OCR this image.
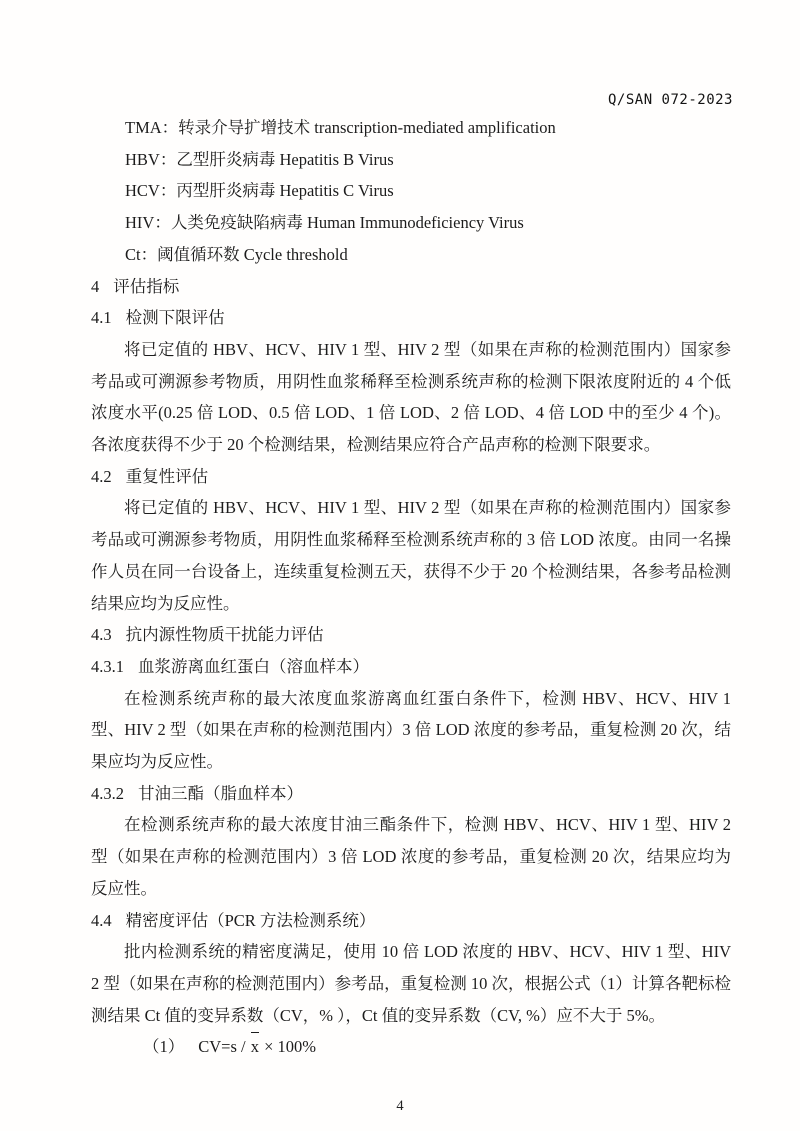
Q/SAN 072-2023

TMA：转录介导扩增技术 transcription-mediated amplification

HBV：乙型肝炎病毒 Hepatitis B Virus

HCV：丙型肝炎病毒 Hepatitis C Virus

HIV：人类免疫缺陷病毒 Human Immunodeficiency Virus

Ct：阈值循环数 Cycle threshold

4 评估指标

4.1 检测下限评估

将已定值的 HBV、HCV、HIV 1 型、HIV 2 型（如果在声称的检测范围内）国家参考品或可溯源参考物质，用阴性血浆稀释至检测系统声称的检测下限浓度附近的 4 个低浓度水平(0.25 倍 LOD、0.5 倍 LOD、1 倍 LOD、2 倍 LOD、4 倍 LOD 中的至少 4 个)。各浓度获得不少于 20 个检测结果，检测结果应符合产品声称的检测下限要求。

4.2 重复性评估

将已定值的 HBV、HCV、HIV 1 型、HIV 2 型（如果在声称的检测范围内）国家参考品或可溯源参考物质，用阴性血浆稀释至检测系统声称的 3 倍 LOD 浓度。由同一名操作人员在同一台设备上，连续重复检测五天，获得不少于 20 个检测结果，各参考品检测结果应均为反应性。

4.3 抗内源性物质干扰能力评估

4.3.1 血浆游离血红蛋白（溶血样本）

在检测系统声称的最大浓度血浆游离血红蛋白条件下，检测 HBV、HCV、HIV 1 型、HIV 2 型（如果在声称的检测范围内）3 倍 LOD 浓度的参考品，重复检测 20 次，结果应均为反应性。

4.3.2 甘油三酯（脂血样本）

在检测系统声称的最大浓度甘油三酯条件下，检测 HBV、HCV、HIV 1 型、HIV 2 型（如果在声称的检测范围内）3 倍 LOD 浓度的参考品，重复检测 20 次，结果应均为反应性。

4.4 精密度评估（PCR 方法检测系统）

批内检测系统的精密度满足，使用 10 倍 LOD 浓度的 HBV、HCV、HIV 1 型、HIV 2 型（如果在声称的检测范围内）参考品，重复检测 10 次，根据公式（1）计算各靶标检测结果 Ct 值的变异系数（CV，% ），Ct 值的变异系数（CV, %）应不大于 5%。

（1） CV=s / x × 100%

4
